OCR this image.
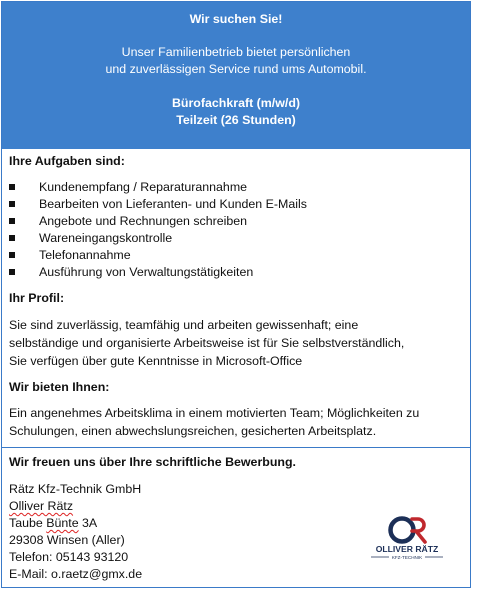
Wir suchen Sie!
Unser Familienbetrieb bietet persönlichen
und zuverlässigen Service rund ums Automobil.
Bürofachkraft (m/w/d)
Teilzeit (26 Stunden)
Ihre Aufgaben sind:
Kundenempfang / Reparaturannahme
Bearbeiten von Lieferanten- und Kunden E-Mails
Angebote und Rechnungen schreiben
Wareneingangskontrolle
Telefonannahme
Ausführung von Verwaltungstätigkeiten
Ihr Profil:
Sie sind zuverlässig, teamfähig und arbeiten gewissenhaft; eine
selbständige und organisierte Arbeitsweise ist für Sie selbstverständlich,
Sie verfügen über gute Kenntnisse in Microsoft-Office
Wir bieten Ihnen:
Ein angenehmes Arbeitsklima in einem motivierten Team; Möglichkeiten zu
Schulungen, einen abwechslungsreichen, gesicherten Arbeitsplatz.
Wir freuen uns über Ihre schriftliche Bewerbung.
Rätz Kfz-Technik GmbH
Olliver Rätz
Taube Bünte 3A
29308 Winsen (Aller)
Telefon: 05143 93120
E-Mail: o.raetz@gmx.de
OLLIVER RÄTZ
KFZ-TECHNIK
